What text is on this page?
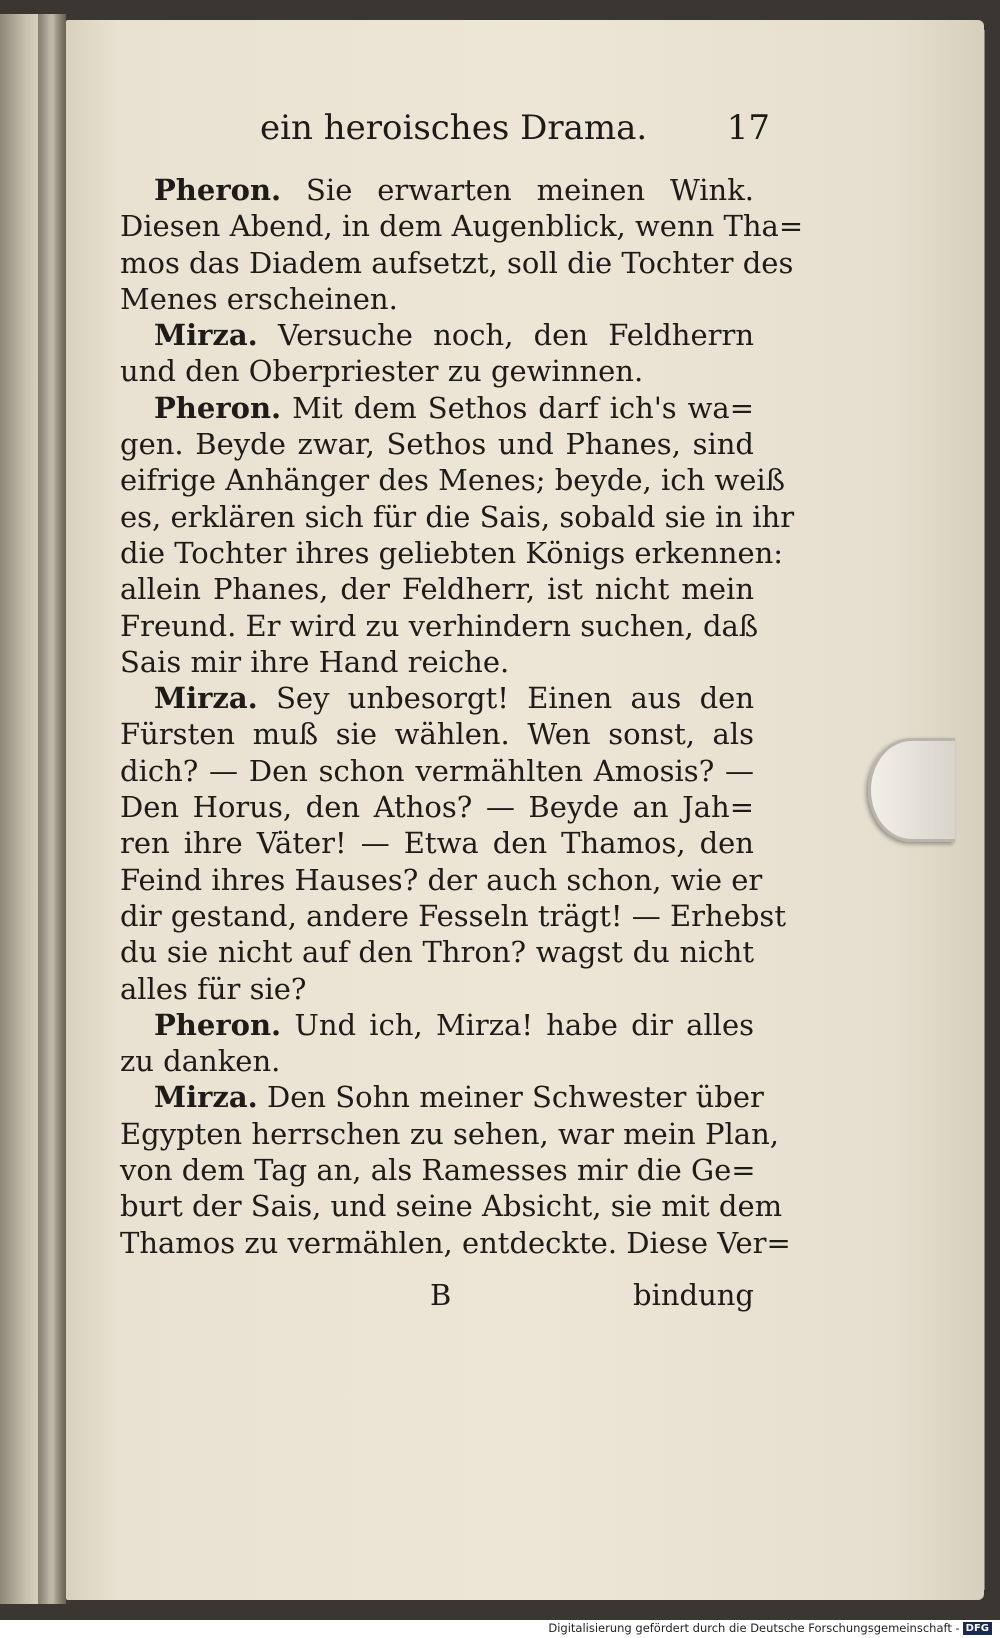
ein heroisches Drama. 17
Pheron. Sie erwarten meinen Wink.
Diesen Abend, in dem Augenblick, wenn Tha=
mos das Diadem aufsetzt, soll die Tochter des
Menes erscheinen.
Mirza. Versuche noch, den Feldherrn
und den Oberpriester zu gewinnen.
Pheron. Mit dem Sethos darf ich's wa=
gen. Beyde zwar, Sethos und Phanes, sind
eifrige Anhänger des Menes; beyde, ich weiß
es, erklären sich für die Sais, sobald sie in ihr
die Tochter ihres geliebten Königs erkennen:
allein Phanes, der Feldherr, ist nicht mein
Freund. Er wird zu verhindern suchen, daß
Sais mir ihre Hand reiche.
Mirza. Sey unbesorgt! Einen aus den
Fürsten muß sie wählen. Wen sonst, als
dich? — Den schon vermählten Amosis? —
Den Horus, den Athos? — Beyde an Jah=
ren ihre Väter! — Etwa den Thamos, den
Feind ihres Hauses? der auch schon, wie er
dir gestand, andere Fesseln trägt! — Erhebst
du sie nicht auf den Thron? wagst du nicht
alles für sie?
Pheron. Und ich, Mirza! habe dir alles
zu danken.
Mirza. Den Sohn meiner Schwester über
Egypten herrschen zu sehen, war mein Plan,
von dem Tag an, als Ramesses mir die Ge=
burt der Sais, und seine Absicht, sie mit dem
Thamos zu vermählen, entdeckte. Diese Ver=
B	bindung
Digitalisierung gefördert durch die Deutsche Forschungsgemeinschaft - DFG
